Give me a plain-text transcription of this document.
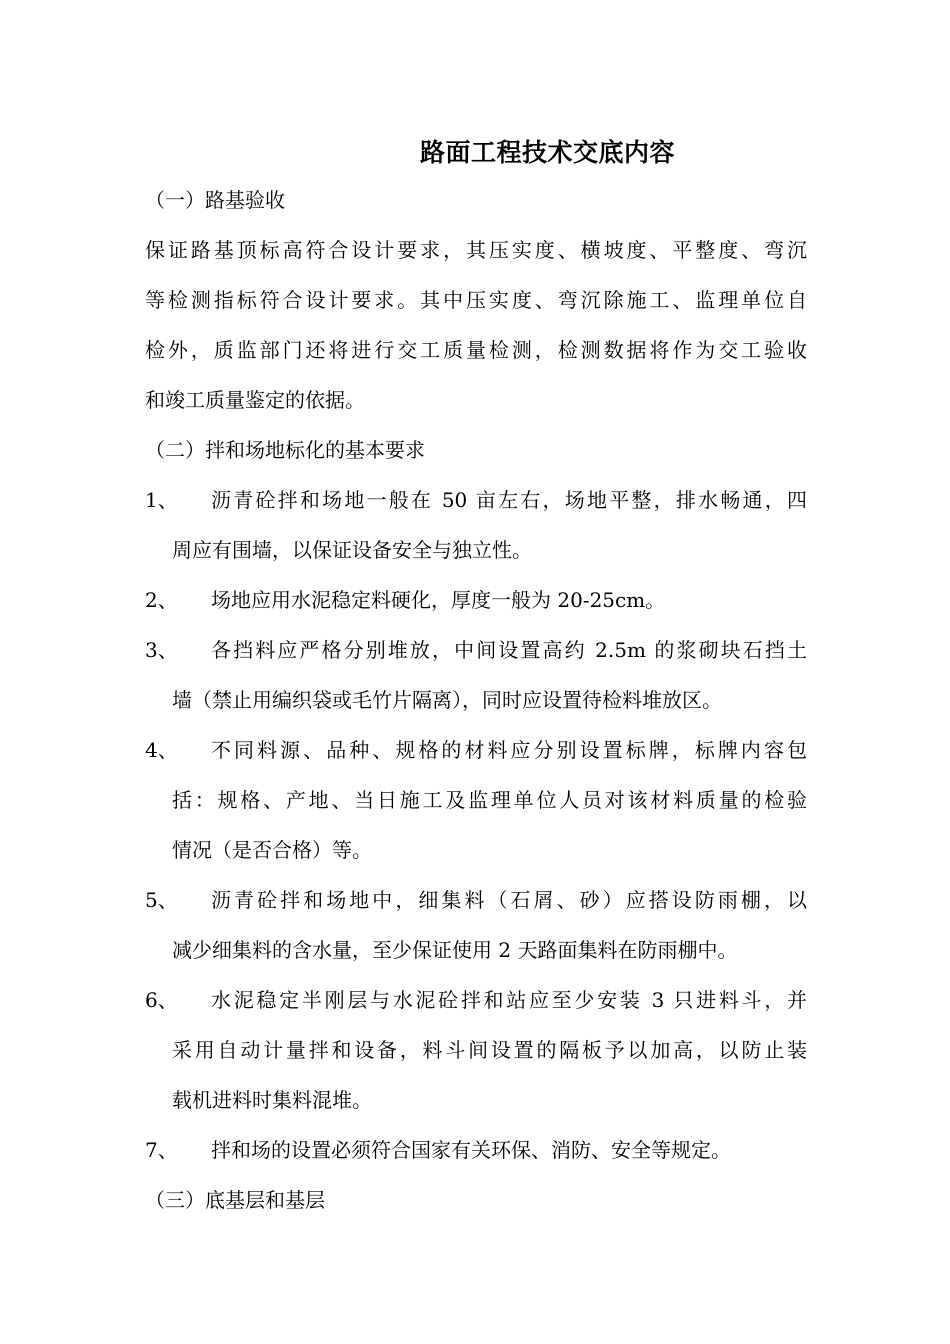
路面工程技术交底内容
（一）路基验收
保证路基顶标高符合设计要求，其压实度、横坡度、平整度、弯沉
等检测指标符合设计要求。其中压实度、弯沉除施工、监理单位自
检外，质监部门还将进行交工质量检测，检测数据将作为交工验收
和竣工质量鉴定的依据。
（二）拌和场地标化的基本要求
1、 沥青砼拌和场地一般在 50 亩左右，场地平整，排水畅通，四
周应有围墙，以保证设备安全与独立性。
2、 场地应用水泥稳定料硬化，厚度一般为 20-25cm。
3、 各挡料应严格分别堆放，中间设置高约 2.5m 的浆砌块石挡土
墙（禁止用编织袋或毛竹片隔离），同时应设置待检料堆放区。
4、 不同料源、品种、规格的材料应分别设置标牌，标牌内容包
括：规格、产地、当日施工及监理单位人员对该材料质量的检验
情况（是否合格）等。
5、 沥青砼拌和场地中，细集料（石屑、砂）应搭设防雨棚，以
减少细集料的含水量，至少保证使用 2 天路面集料在防雨棚中。
6、 水泥稳定半刚层与水泥砼拌和站应至少安装 3 只进料斗，并
采用自动计量拌和设备，料斗间设置的隔板予以加高，以防止装
载机进料时集料混堆。
7、 拌和场的设置必须符合国家有关环保、消防、安全等规定。
（三）底基层和基层
